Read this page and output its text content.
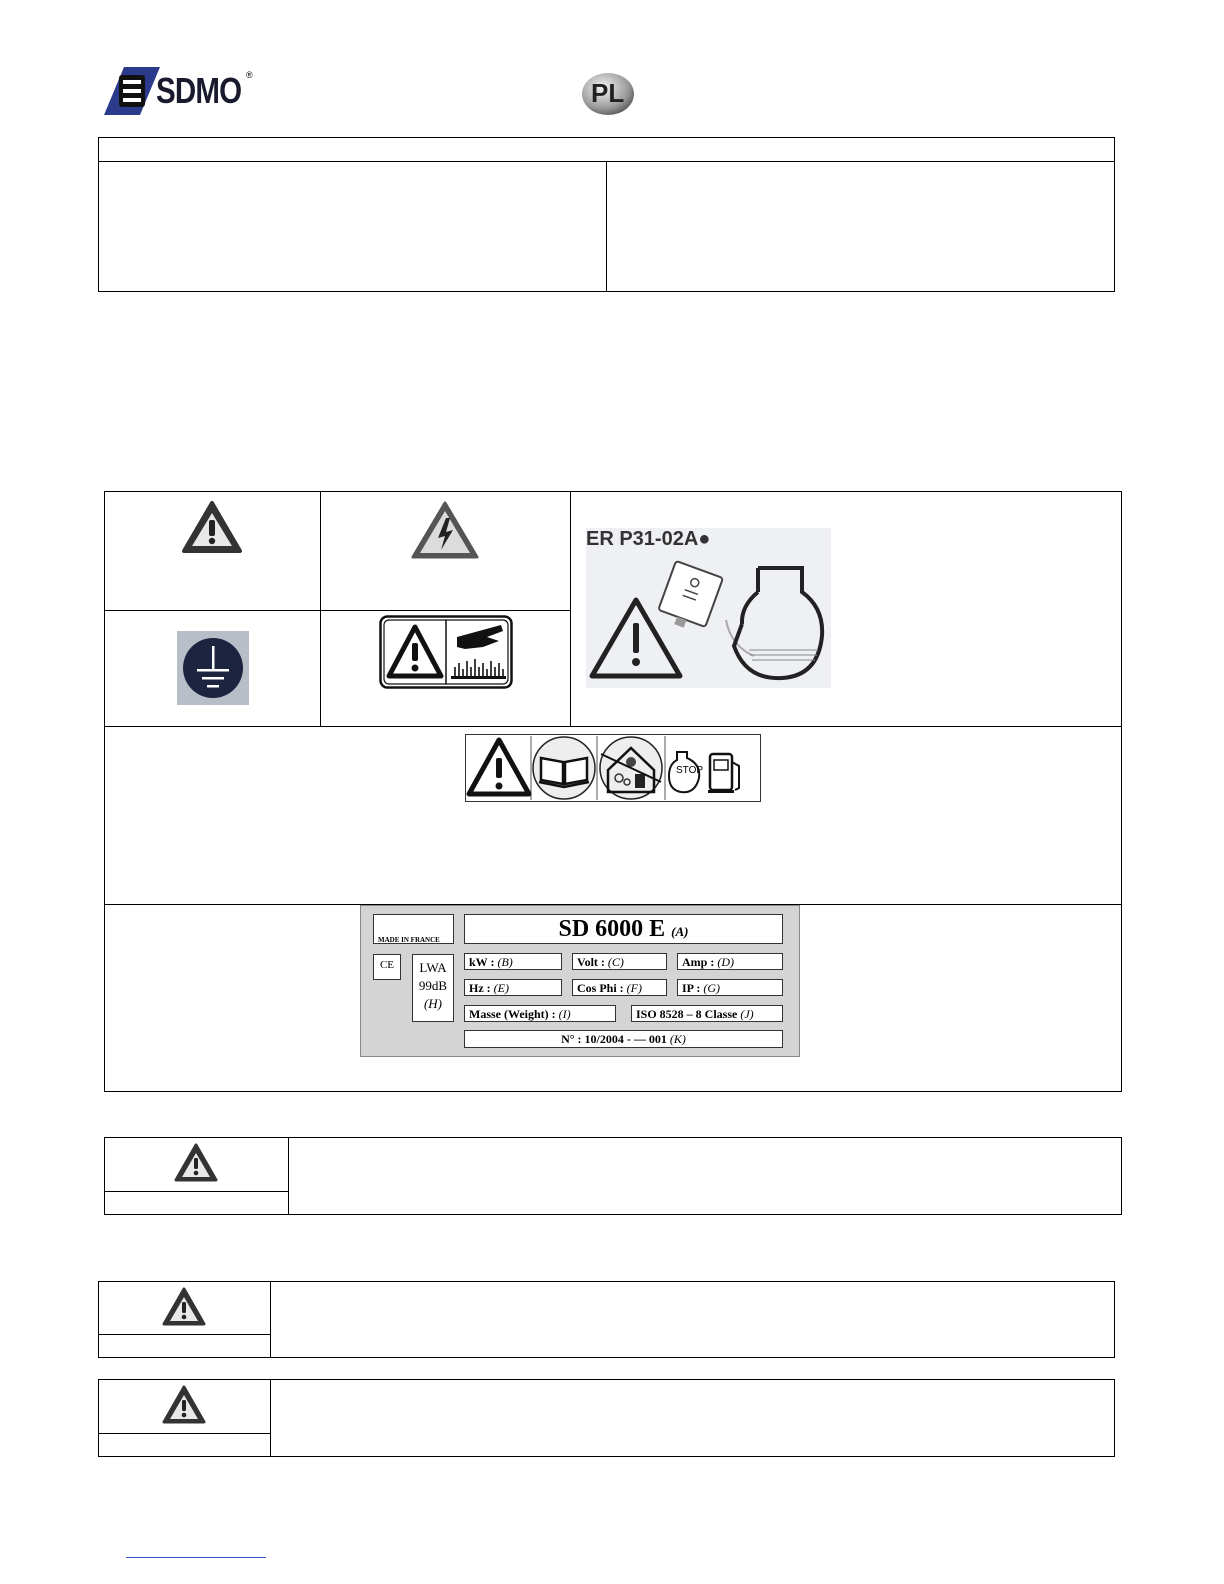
SDMO ®
PL
ER P31-02A●
STOP
MADE IN FRANCE
CE	LWA
99dB
(H)
SD 6000 E (A)
kW : (B)	Volt : (C)	Amp : (D)
Hz : (E)	Cos Phi : (F)	IP : (G)
Masse (Weight) : (I)	ISO 8528 – 8 Classe (J)
N° : 10/2004 - — 001 (K)
